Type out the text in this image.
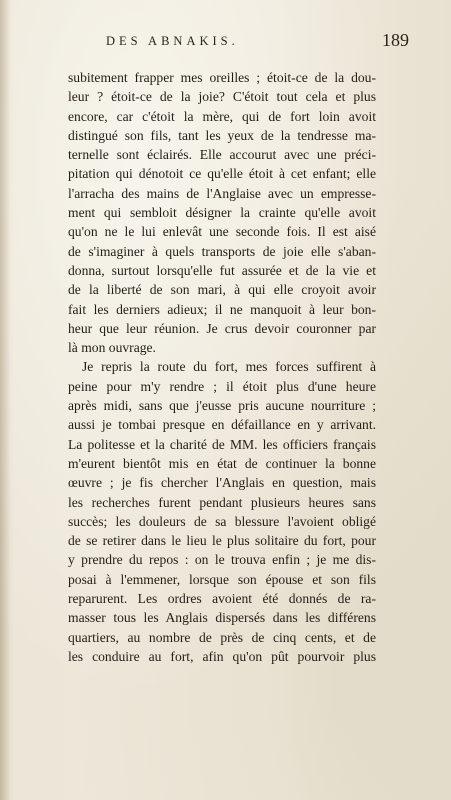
DES ABNAKIS.	189
subitement frapper mes oreilles ; étoit-ce de la dou-
leur ? étoit-ce de la joie? C'étoit tout cela et plus
encore, car c'étoit la mère, qui de fort loin avoit
distingué son fils, tant les yeux de la tendresse ma-
ternelle sont éclairés. Elle accourut avec une préci-
pitation qui dénotoit ce qu'elle étoit à cet enfant; elle
l'arracha des mains de l'Anglaise avec un empresse-
ment qui sembloit désigner la crainte qu'elle avoit
qu'on ne le lui enlevât une seconde fois. Il est aisé
de s'imaginer à quels transports de joie elle s'aban-
donna, surtout lorsqu'elle fut assurée et de la vie et
de la liberté de son mari, à qui elle croyoit avoir
fait les derniers adieux; il ne manquoit à leur bon-
heur que leur réunion. Je crus devoir couronner par
là mon ouvrage.
Je repris la route du fort, mes forces suffirent à
peine pour m'y rendre ; il étoit plus d'une heure
après midi, sans que j'eusse pris aucune nourriture ;
aussi je tombai presque en défaillance en y arrivant.
La politesse et la charité de MM. les officiers français
m'eurent bientôt mis en état de continuer la bonne
œuvre ; je fis chercher l'Anglais en question, mais
les recherches furent pendant plusieurs heures sans
succès; les douleurs de sa blessure l'avoient obligé
de se retirer dans le lieu le plus solitaire du fort, pour
y prendre du repos : on le trouva enfin ; je me dis-
posai à l'emmener, lorsque son épouse et son fils
reparurent. Les ordres avoient été donnés de ra-
masser tous les Anglais dispersés dans les différens
quartiers, au nombre de près de cinq cents, et de
les conduire au fort, afin qu'on pût pourvoir plus
